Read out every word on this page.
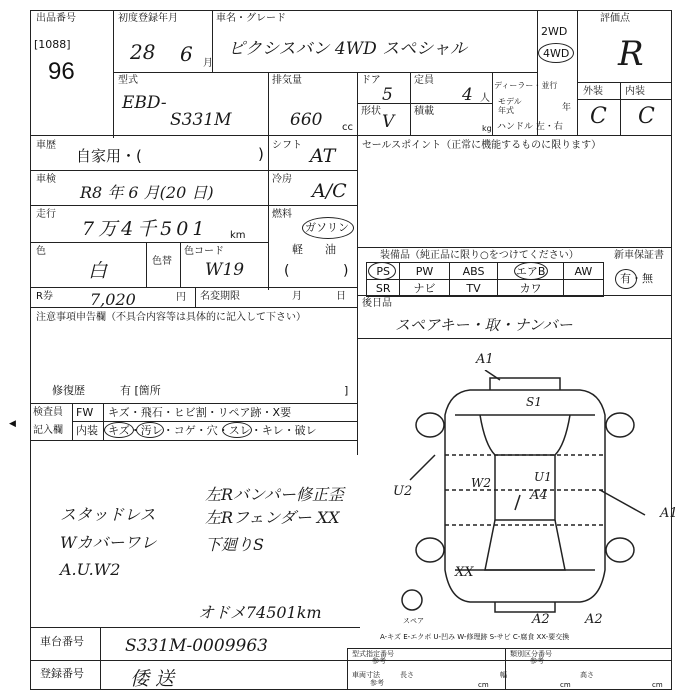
出品番号
[1088]
96
初度登録年月
28 6 月
車名・グレード
ピクシスバン 4WD スペシャル
2WD
4WD
評価点
R
外装 内装
C C
型式
EBD-
S331M
排気量
660 cc
ドア
5
定員
4 人
形状
V
積載
kg
ディーラー・並行
モデル年式	年
ハンドル 左・右
車歴
自家用・(	) シフト AT
車検
R8 年 6 月(20 日)
冷房
A/C
走行
7万4千501 km
燃料
ガソリン
軽 油
色
白	色替
色コード
W19	(	)
R券 7,020	円 名変期限	月	日
注意事項申告欄（不具合内容等は具体的に記入して下さい）
修復歴	有 [箇所	]
◀
検査員
記入欄
FW キズ・飛石・ヒビ割・リペア跡・X要
内装 キズ・汚レ・コゲ・穴・スレ・キレ・破レ
セールスポイント（正常に機能するものに限ります）
装備品（純正品に限り○をつけてください）	新車保証書
PS	PW	ABS	エアB	AW
SR	ナビ	TV	カワ	
有・無
後日品
スペアキー・取・ナンバー
A1
S1
U2
W2	U1
A4
A1
XX
A2	A2
スペア
A-キズ E-エクボ U-凹み W-修理跡 S-サビ C-腐食 XX-要交換
スタッドレス
Wカバーワレ
A.U.W2
左Rバンパー修正歪
左Rフェンダー XX
下廻りS
オドメ74501km
車台番号 S331M-0009963
登録番号 倭 送
型式指定番号
参考
類別区分番号
参考
車両寸法
参考
長さ
cm
幅
cm
高さ
cm
